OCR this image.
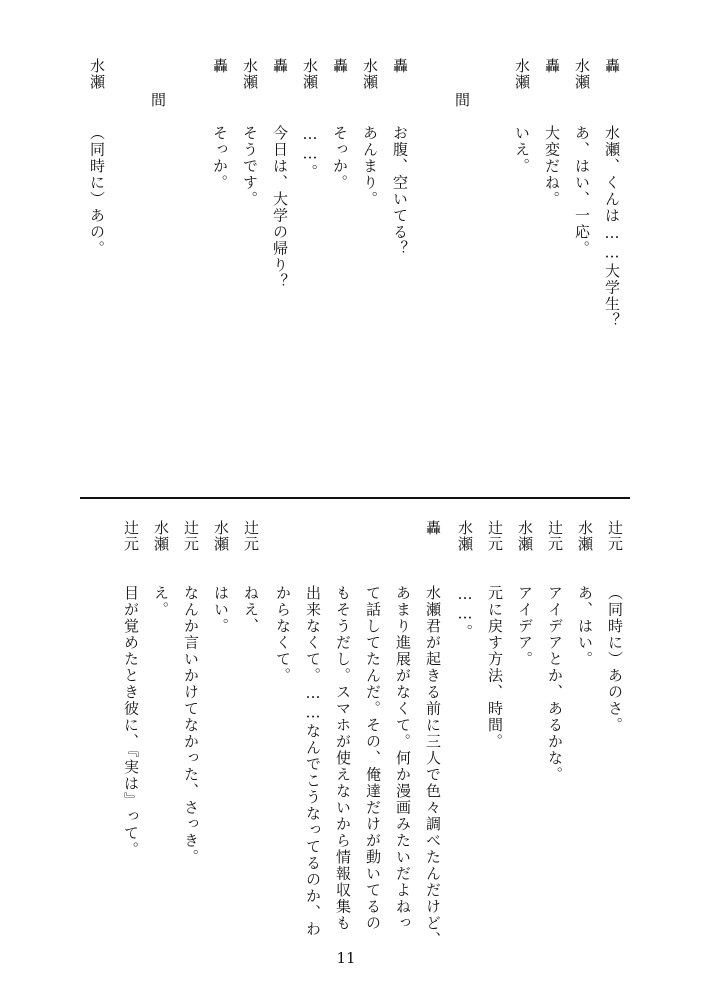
轟
水瀬、くんは……大学生？
水瀬
あ、はい、一応。
轟
大変だね。
水瀬
いえ。
間
轟
お腹、空いてる？
水瀬
あんまり。
轟
そっか。
水瀬
……。
轟
今日は、大学の帰り？
水瀬
そうです。
轟
そっか。
間
水瀬
（同時に）あの。
辻元
（同時に）あのさ。
水瀬
あ、はい。
辻元
アイデアとか、あるかな。
水瀬
アイデア。
辻元
元に戻す方法、時間。
水瀬
……。
轟
水瀬君が起きる前に三人で色々調べたんだけど、
あまり進展がなくて。何か漫画みたいだよねっ
て話してたんだ。その、俺達だけが動いてるの
もそうだし。スマホが使えないから情報収集も
出来なくて。……なんでこうなってるのか、わ
からなくて。
辻元
ねえ、
水瀬
はい。
辻元
なんか言いかけてなかった、さっき。
水瀬
え。
辻元
目が覚めたとき彼に、『実は』って。
11
